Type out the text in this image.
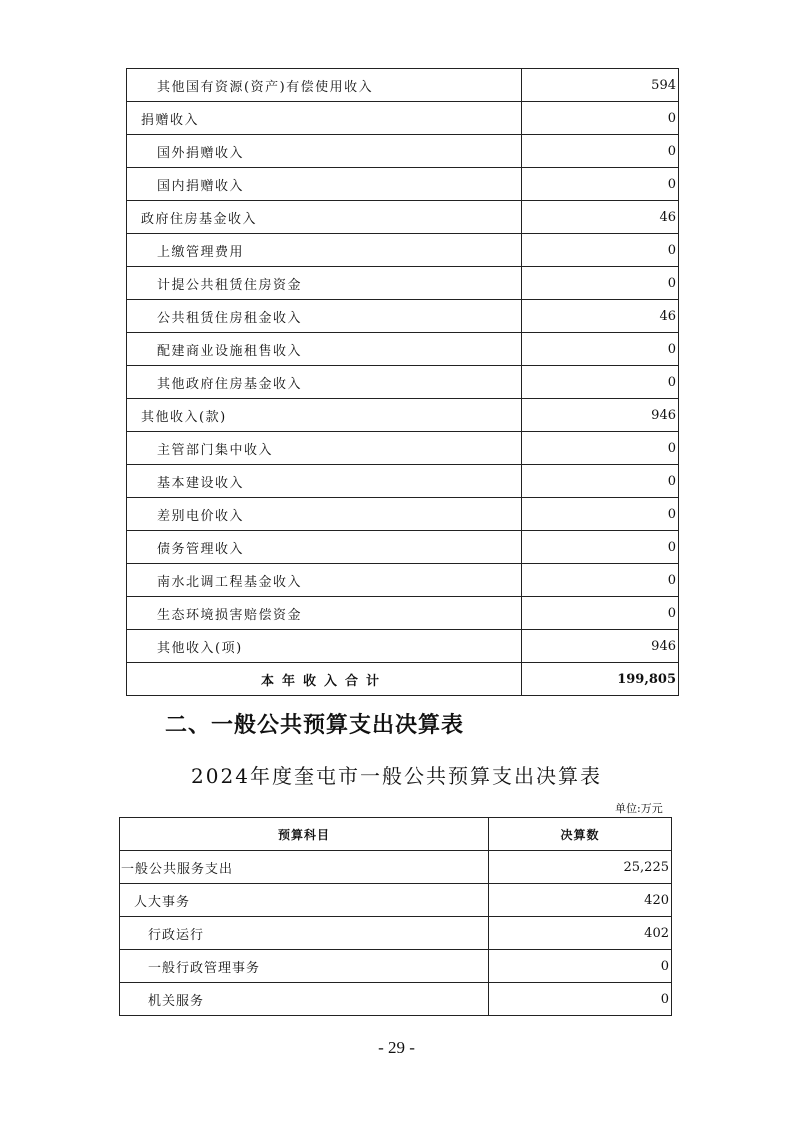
其他国有资源(资产)有偿使用收入	594
捐赠收入	0
国外捐赠收入	0
国内捐赠收入	0
政府住房基金收入	46
上缴管理费用	0
计提公共租赁住房资金	0
公共租赁住房租金收入	46
配建商业设施租售收入	0
其他政府住房基金收入	0
其他收入(款)	946
主管部门集中收入	0
基本建设收入	0
差别电价收入	0
债务管理收入	0
南水北调工程基金收入	0
生态环境损害赔偿资金	0
其他收入(项)	946
本年收入合计	199,805
二、一般公共预算支出决算表
2024年度奎屯市一般公共预算支出决算表
单位:万元
预算科目	决算数
一般公共服务支出	25,225
人大事务	420
行政运行	402
一般行政管理事务	0
机关服务	0
- 29 -
